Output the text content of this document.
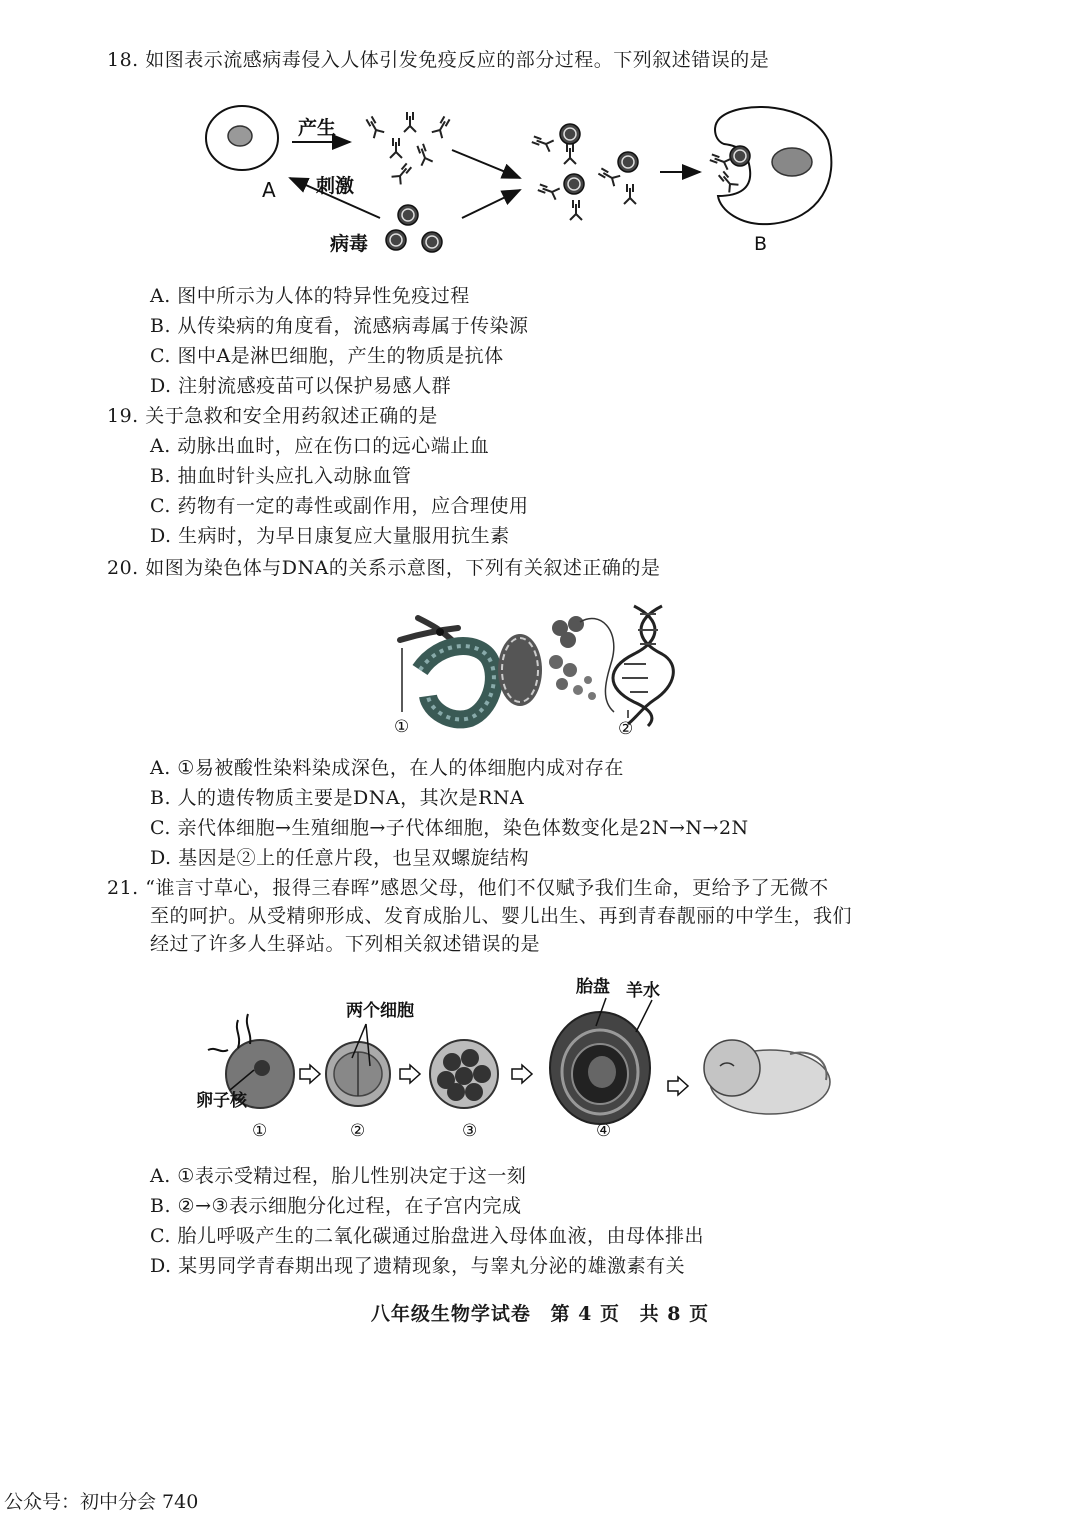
18. 如图表示流感病毒侵入人体引发免疫反应的部分过程。下列叙述错误的是
A
产生
刺激
病毒	B
A. 图中所示为人体的特异性免疫过程
B. 从传染病的角度看，流感病毒属于传染源
C. 图中A是淋巴细胞，产生的物质是抗体
D. 注射流感疫苗可以保护易感人群
19. 关于急救和安全用药叙述正确的是
A. 动脉出血时，应在伤口的远心端止血
B. 抽血时针头应扎入动脉血管
C. 药物有一定的毒性或副作用，应合理使用
D. 生病时，为早日康复应大量服用抗生素
20. 如图为染色体与DNA的关系示意图，下列有关叙述正确的是
①	②
A. ①易被酸性染料染成深色，在人的体细胞内成对存在
B. 人的遗传物质主要是DNA，其次是RNA
C. 亲代体细胞→生殖细胞→子代体细胞，染色体数变化是2N→N→2N
D. 基因是②上的任意片段，也呈双螺旋结构
21. “谁言寸草心，报得三春晖”感恩父母，他们不仅赋予我们生命，更给予了无微不
至的呵护。从受精卵形成、发育成胎儿、婴儿出生、再到青春靓丽的中学生，我们
经过了许多人生驿站。下列相关叙述错误的是
卵子核
两个细胞
胎盘 羊水
①	②	③	④
A. ①表示受精过程，胎儿性别决定于这一刻
B. ②→③表示细胞分化过程，在子宫内完成
C. 胎儿呼吸产生的二氧化碳通过胎盘进入母体血液，由母体排出
D. 某男同学青春期出现了遗精现象，与睾丸分泌的雄激素有关
八年级生物学试卷 第 4 页 共 8 页
公众号：初中分会 740
